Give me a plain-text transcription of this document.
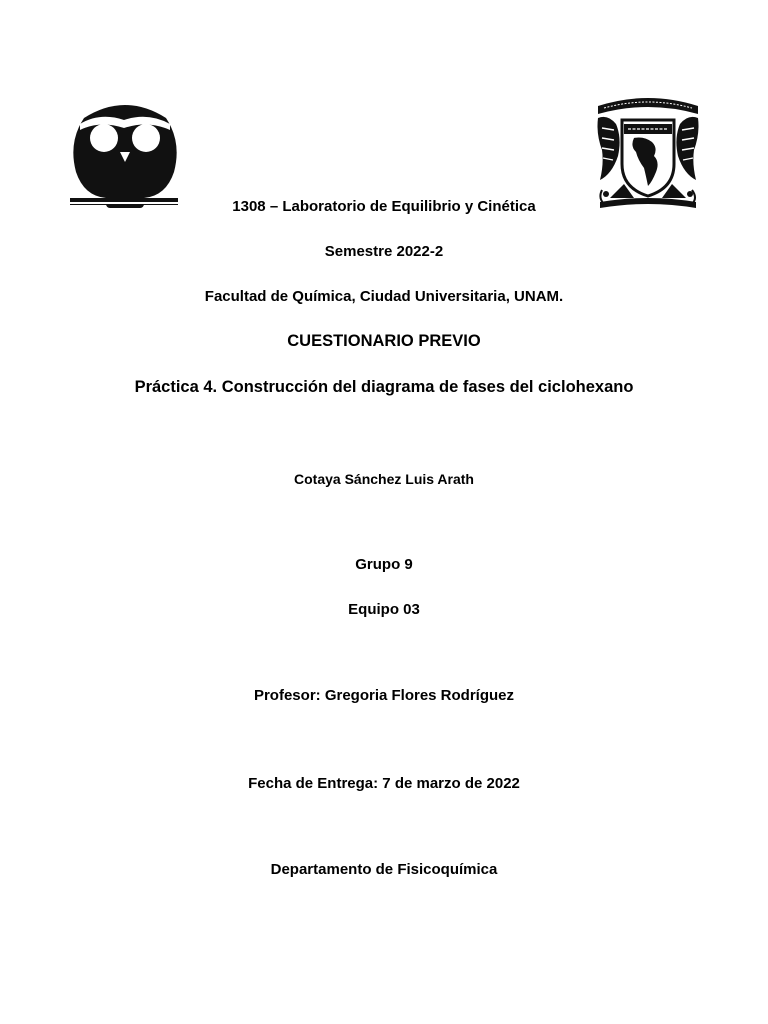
1308 – Laboratorio de Equilibrio y Cinética
Semestre 2022-2
Facultad de Química, Ciudad Universitaria, UNAM.
CUESTIONARIO PREVIO
Práctica 4. Construcción del diagrama de fases del ciclohexano
Cotaya Sánchez Luis Arath
Grupo 9
Equipo 03
Profesor: Gregoria Flores Rodríguez
Fecha de Entrega: 7 de marzo de 2022
Departamento de Fisicoquímica
